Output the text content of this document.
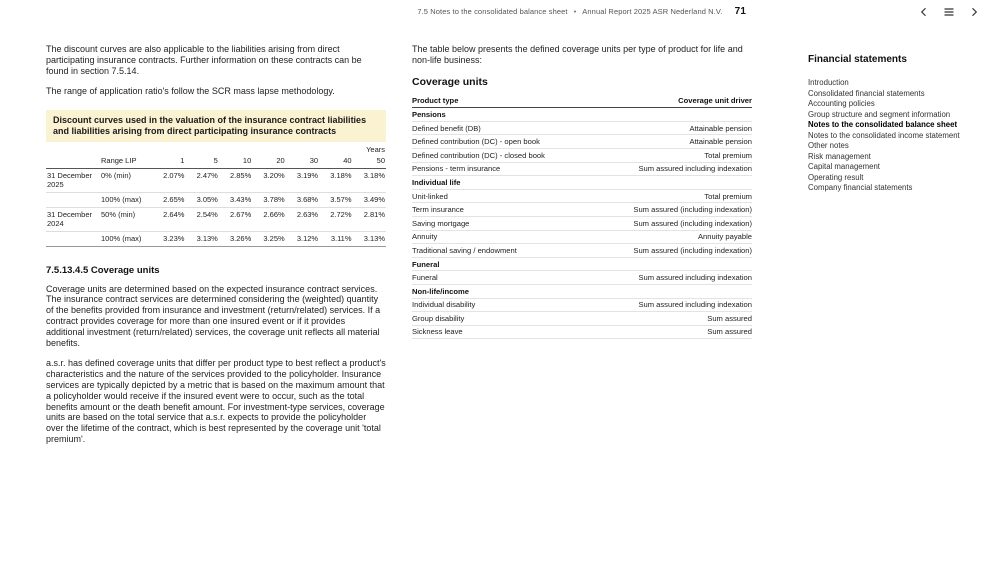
7.5 Notes to the consolidated balance sheet • Annual Report 2025 ASR Nederland N.V. 71

The discount curves are also applicable to the liabilities arising from direct participating insurance contracts. Further information on these contracts can be found in section 7.5.14.

The range of application ratio's follow the SCR mass lapse methodology.

Discount curves used in the valuation of the insurance contract liabilities and liabilities arising from direct participating insurance contracts
		Years						
	Range LIP	1	5	10	20	30	40	50
31 December 2025	0% (min)	2.07%	2.47%	2.85%	3.20%	3.19%	3.18%	3.18%
	100% (max)	2.65%	3.05%	3.43%	3.78%	3.68%	3.57%	3.49%
31 December 2024	50% (min)	2.64%	2.54%	2.67%	2.66%	2.63%	2.72%	2.81%
	100% (max)	3.23%	3.13%	3.26%	3.25%	3.12%	3.11%	3.13%
7.5.13.4.5 Coverage units

Coverage units are determined based on the expected insurance contract services. The insurance contract services are determined considering the (weighted) quantity of the benefits provided from insurance and investment (return/related) services. If a contract provides coverage for more than one insured event or if it provides additional investment (return/related) services, the coverage unit reflects all material benefits.

a.s.r. has defined coverage units that differ per product type to best reflect a product's characteristics and the nature of the services provided to the policyholder. Insurance services are typically depicted by a metric that is based on the maximum amount that a policyholder would receive if the insured event were to occur, such as the total benefits amount or the death benefit amount. For investment-type services, coverage units are based on the total service that a.s.r. expects to provide the policyholder over the lifetime of the contract, which is best represented by the coverage unit 'total premium'.

The table below presents the defined coverage units per type of product for life and non-life business:

Coverage units
Product type	Coverage unit driver
Pensions	
Defined benefit (DB)	Attainable pension
Defined contribution (DC) - open book	Attainable pension
Defined contribution (DC) - closed book	Total premium
Pensions - term insurance	Sum assured including indexation
Individual life	
Unit-linked	Total premium
Term insurance	Sum assured (including indexation)
Saving mortgage	Sum assured (including indexation)
Annuity	Annuity payable
Traditional saving / endowment	Sum assured (including indexation)
Funeral	
Funeral	Sum assured including indexation
Non-life/income	
Individual disability	Sum assured including indexation
Group disability	Sum assured
Sickness leave	Sum assured
Financial statements
Introduction
Consolidated financial statements
Accounting policies
Group structure and segment information
Notes to the consolidated balance sheet
Notes to the consolidated income statement
Other notes
Risk management
Capital management
Operating result
Company financial statements
